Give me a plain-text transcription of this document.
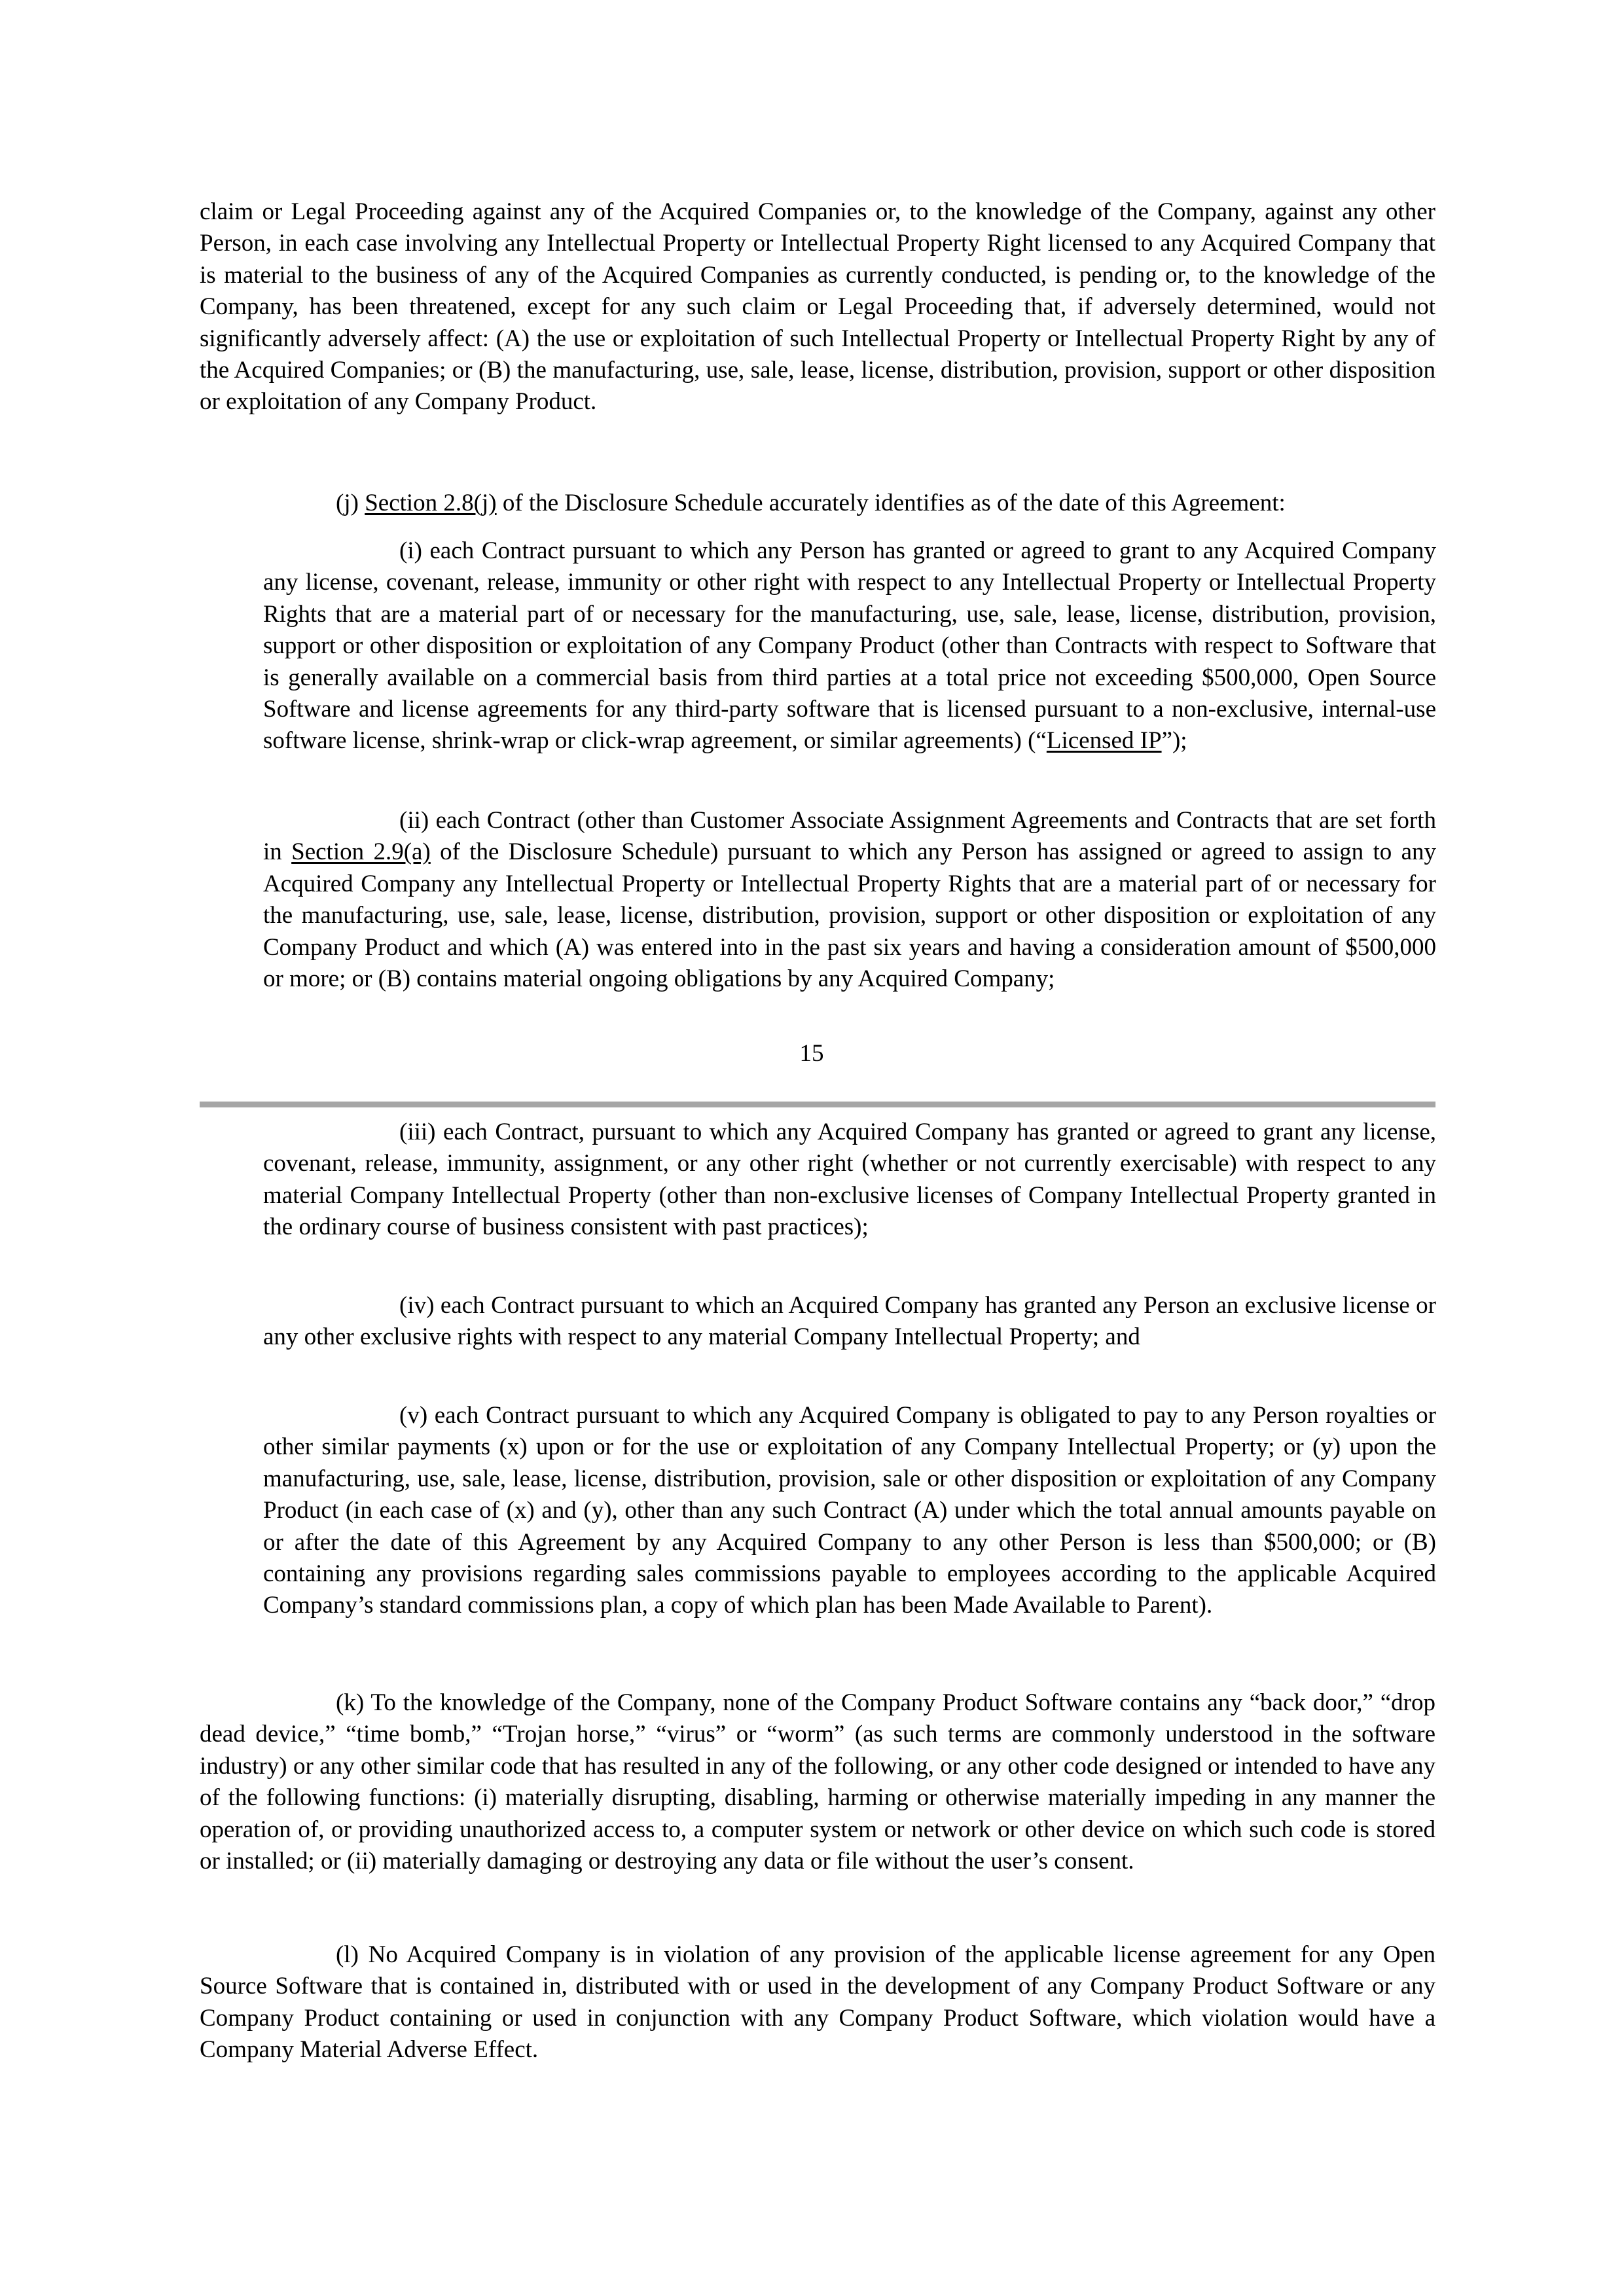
claim or Legal Proceeding against any of the Acquired Companies or, to the knowledge of the Company, against any other Person, in each case involving any Intellectual Property or Intellectual Property Right licensed to any Acquired Company that is material to the business of any of the Acquired Companies as currently conducted, is pending or, to the knowledge of the Company, has been threatened, except for any such claim or Legal Proceeding that, if adversely determined, would not significantly adversely affect: (A) the use or exploitation of such Intellectual Property or Intellectual Property Right by any of the Acquired Companies; or (B) the manufacturing, use, sale, lease, license, distribution, provision, support or other disposition or exploitation of any Company Product.

(j) Section 2.8(j) of the Disclosure Schedule accurately identifies as of the date of this Agreement:

(i) each Contract pursuant to which any Person has granted or agreed to grant to any Acquired Company any license, covenant, release, immunity or other right with respect to any Intellectual Property or Intellectual Property Rights that are a material part of or necessary for the manufacturing, use, sale, lease, license, distribution, provision, support or other disposition or exploitation of any Company Product (other than Contracts with respect to Software that is generally available on a commercial basis from third parties at a total price not exceeding $500,000, Open Source Software and license agreements for any third-party software that is licensed pursuant to a non-exclusive, internal-use software license, shrink-wrap or click-wrap agreement, or similar agreements) (“Licensed IP”);

(ii) each Contract (other than Customer Associate Assignment Agreements and Contracts that are set forth in Section 2.9(a) of the Disclosure Schedule) pursuant to which any Person has assigned or agreed to assign to any Acquired Company any Intellectual Property or Intellectual Property Rights that are a material part of or necessary for the manufacturing, use, sale, lease, license, distribution, provision, support or other disposition or exploitation of any Company Product and which (A) was entered into in the past six years and having a consideration amount of $500,000 or more; or (B) contains material ongoing obligations by any Acquired Company;

15

(iii) each Contract, pursuant to which any Acquired Company has granted or agreed to grant any license, covenant, release, immunity, assignment, or any other right (whether or not currently exercisable) with respect to any material Company Intellectual Property (other than non-exclusive licenses of Company Intellectual Property granted in the ordinary course of business consistent with past practices);

(iv) each Contract pursuant to which an Acquired Company has granted any Person an exclusive license or any other exclusive rights with respect to any material Company Intellectual Property; and

(v) each Contract pursuant to which any Acquired Company is obligated to pay to any Person royalties or other similar payments (x) upon or for the use or exploitation of any Company Intellectual Property; or (y) upon the manufacturing, use, sale, lease, license, distribution, provision, sale or other disposition or exploitation of any Company Product (in each case of (x) and (y), other than any such Contract (A) under which the total annual amounts payable on or after the date of this Agreement by any Acquired Company to any other Person is less than $500,000; or (B) containing any provisions regarding sales commissions payable to employees according to the applicable Acquired Company’s standard commissions plan, a copy of which plan has been Made Available to Parent).

(k) To the knowledge of the Company, none of the Company Product Software contains any “back door,” “drop dead device,” “time bomb,” “Trojan horse,” “virus” or “worm” (as such terms are commonly understood in the software industry) or any other similar code that has resulted in any of the following, or any other code designed or intended to have any of the following functions: (i) materially disrupting, disabling, harming or otherwise materially impeding in any manner the operation of, or providing unauthorized access to, a computer system or network or other device on which such code is stored or installed; or (ii) materially damaging or destroying any data or file without the user’s consent.

(l) No Acquired Company is in violation of any provision of the applicable license agreement for any Open Source Software that is contained in, distributed with or used in the development of any Company Product Software or any Company Product containing or used in conjunction with any Company Product Software, which violation would have a Company Material Adverse Effect.
